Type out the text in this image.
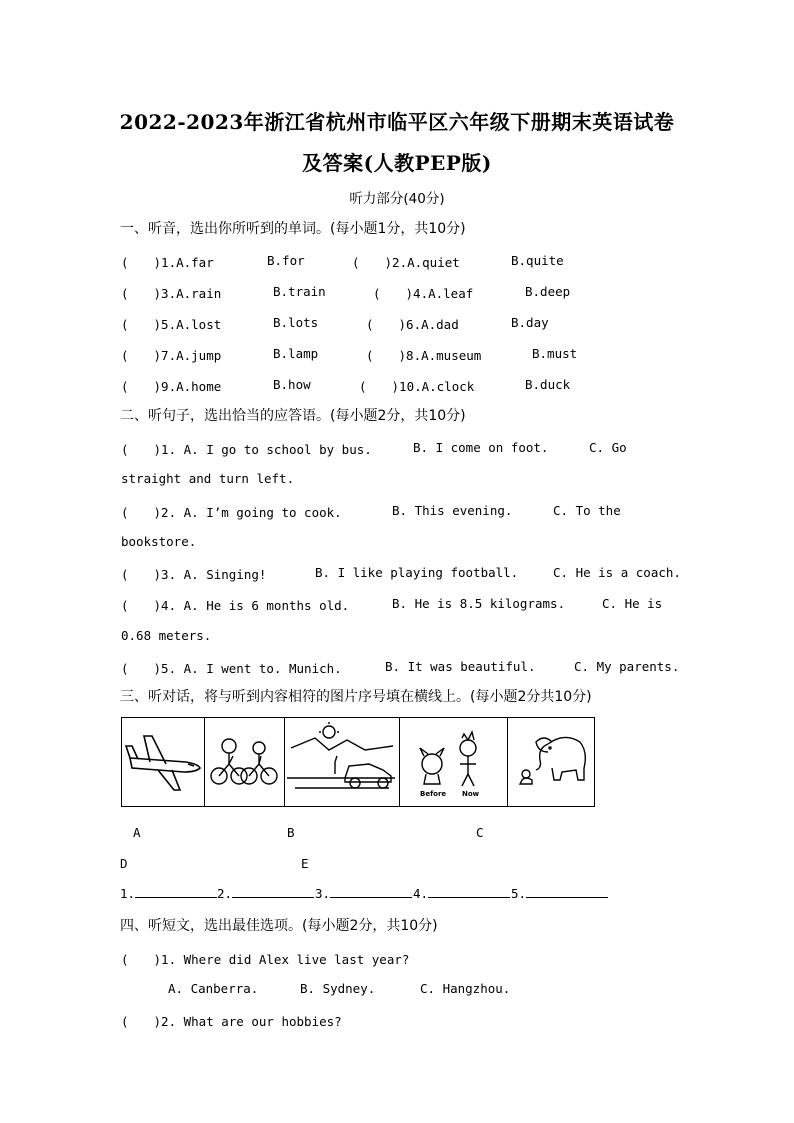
2022-2023年浙江省杭州市临平区六年级下册期末英语试卷
及答案(人教PEP版)
听力部分(40分)
一、听音，选出你所听到的单词。(每小题1分，共10分)
(　　)1.A.far	B.for	(　　)2.A.quiet	B.quite
(　　)3.A.rain	B.train	(　　)4.A.leaf	B.deep
(　　)5.A.lost	B.lots	(　　)6.A.dad	B.day
(　　)7.A.jump	B.lamp	(　　)8.A.museum	B.must
(　　)9.A.home	B.how	(　　)10.A.clock	B.duck
二、听句子，选出恰当的应答语。(每小题2分，共10分)
(　　)1. A. I go to school by bus.	B. I come on foot.	C. Go
straight and turn left.
(　　)2. A. I’m going to cook.	B. This evening.	C. To the
bookstore.
(　　)3. A. Singing!	B. I like playing football.	C. He is a coach.
(　　)4. A. He is 6 months old.	B. He is 8.5 kilograms.	C. He is
0.68 meters.
(　　)5. A. I went to. Munich.	B. It was beautiful.	C. My parents.
三、听对话，将与听到内容相符的图片序号填在横线上。(每小题2分共10分)
Before Now
A	B	C
D	E
1.	2.	3.	4.	5.
四、听短文，选出最佳选项。(每小题2分，共10分)
(　　)1. Where did Alex live last year?
A. Canberra.	B. Sydney.	C. Hangzhou.
(　　)2. What are our hobbies?
